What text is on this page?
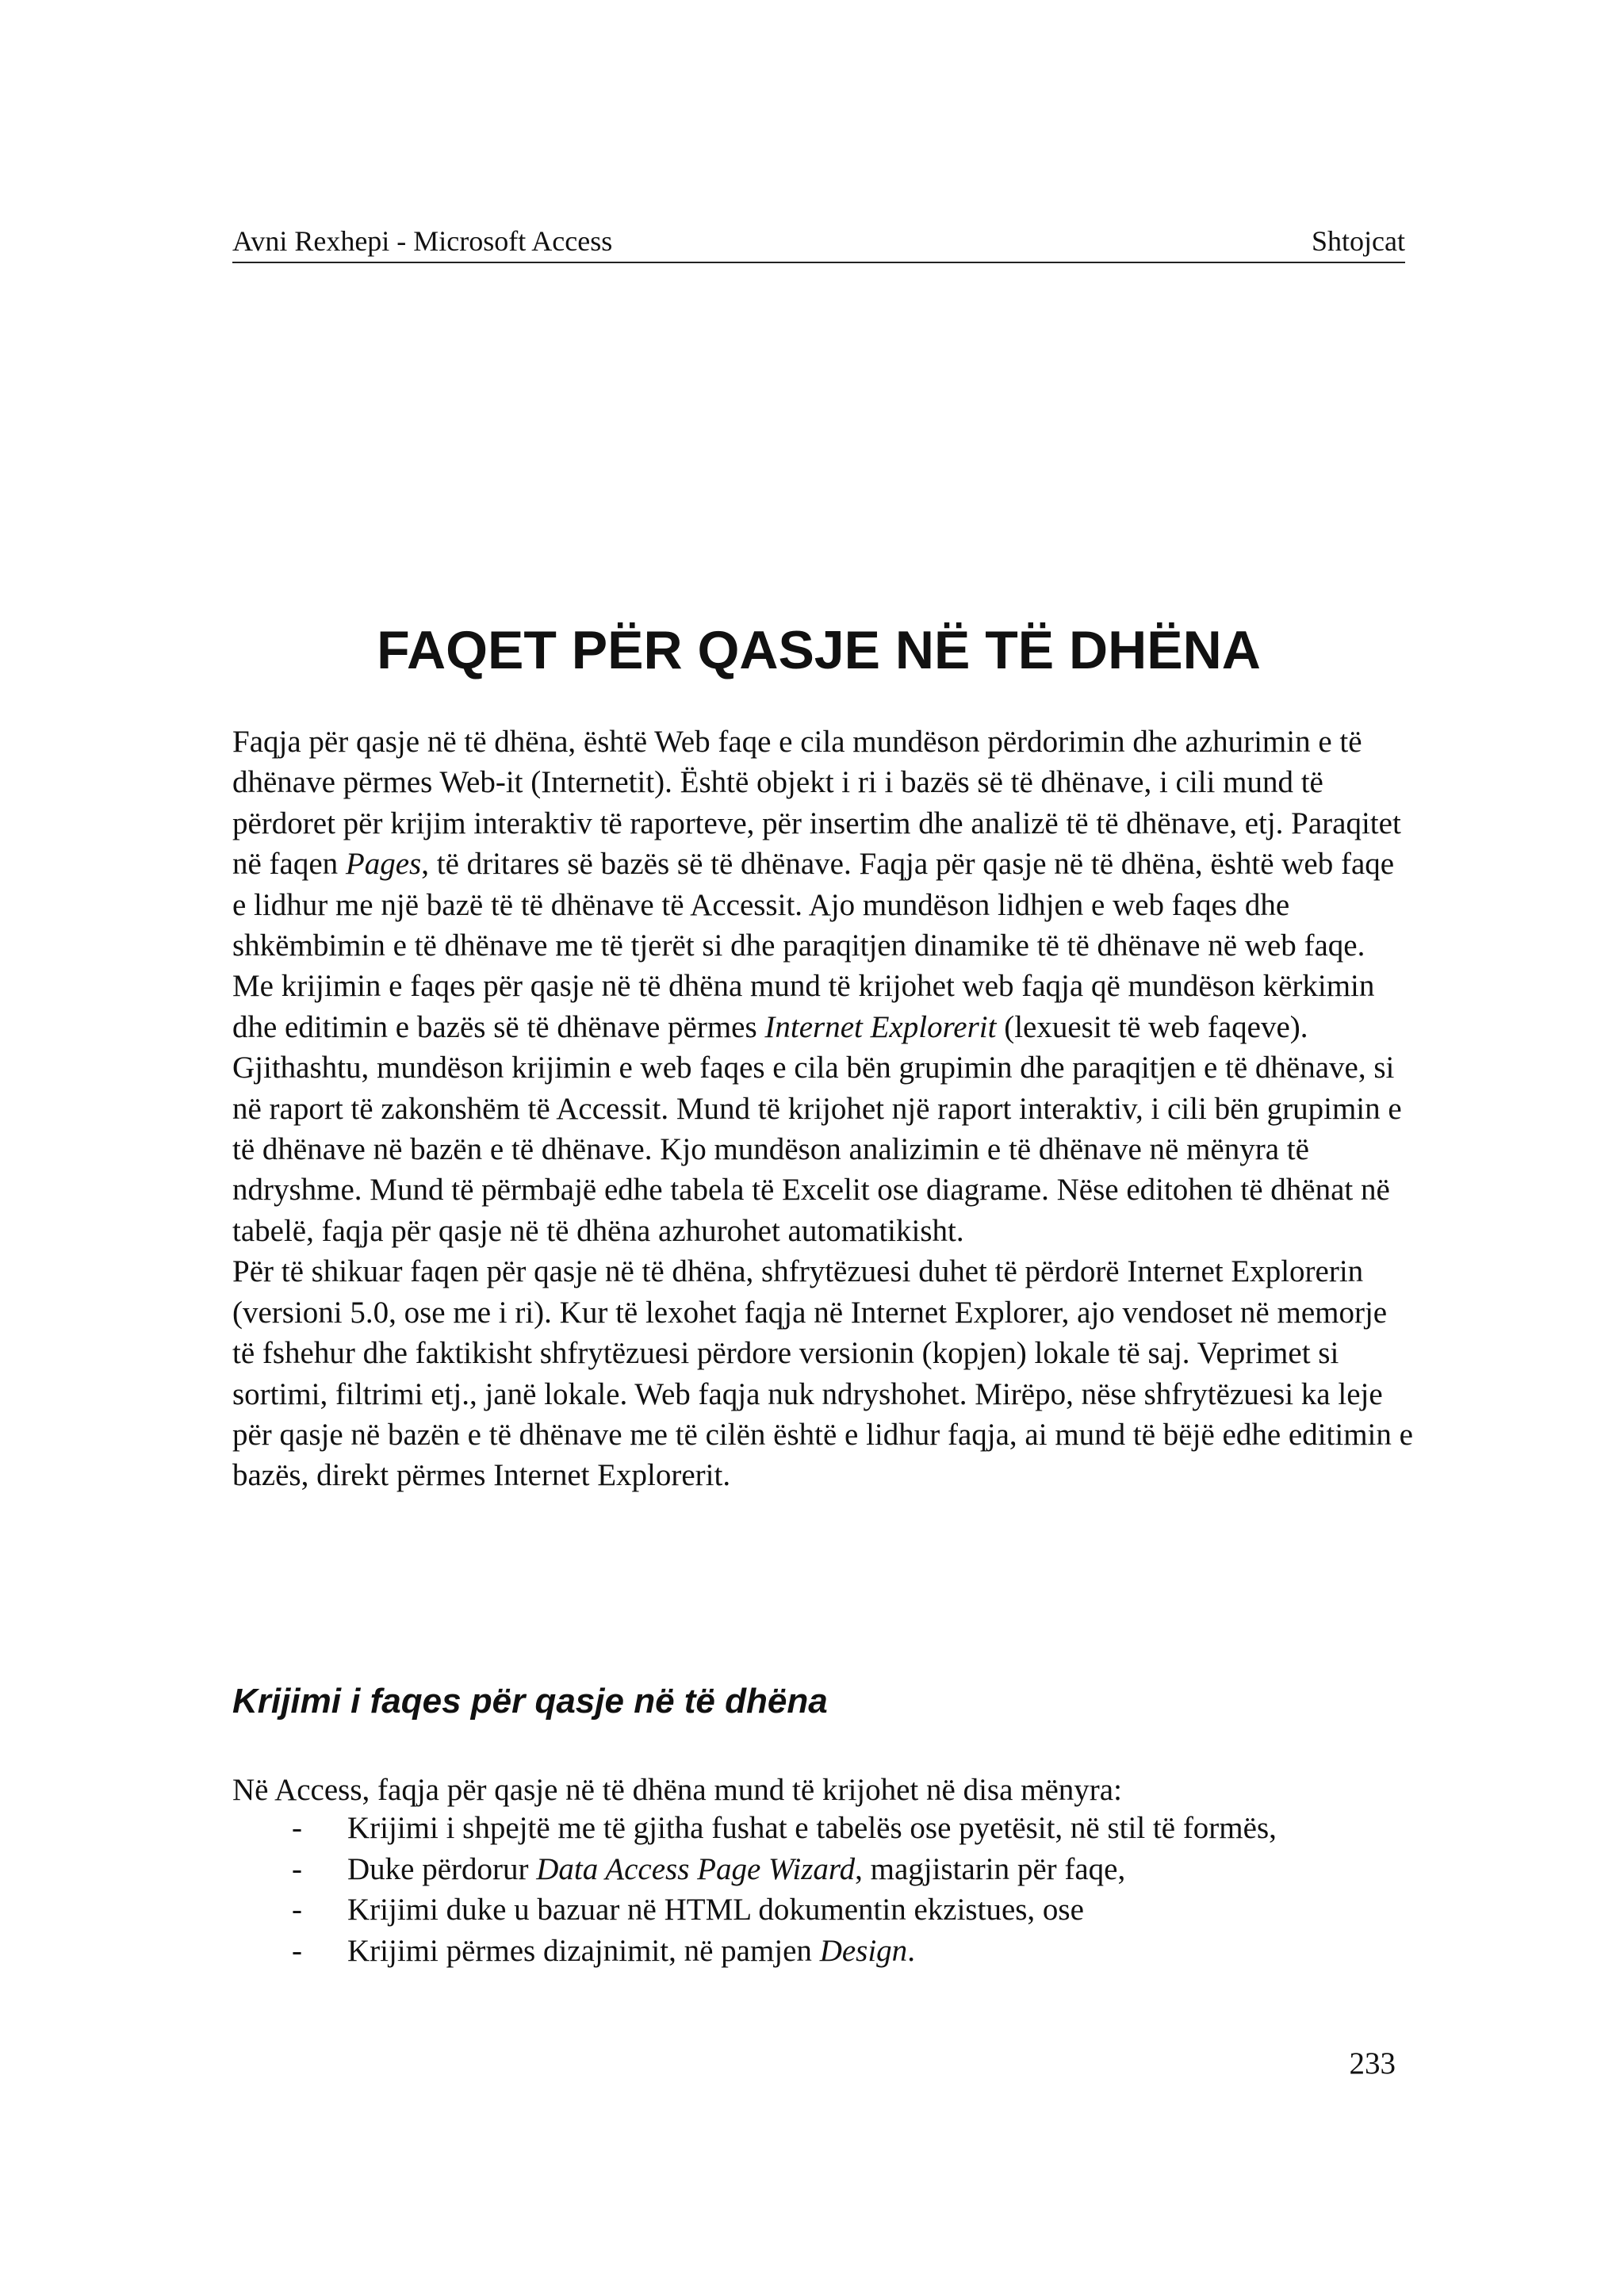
Avni Rexhepi - Microsoft Access	Shtojcat
FAQET PËR QASJE NË TË DHËNA

Faqja për qasje në të dhëna, është Web faqe e cila mundëson përdorimin dhe azhurimin e të dhënave përmes Web-it (Internetit). Është objekt i ri i bazës së të dhënave, i cili mund të përdoret për krijim interaktiv të raporteve, për insertim dhe analizë të të dhënave, etj. Paraqitet në faqen Pages, të dritares së bazës së të dhënave. Faqja për qasje në të dhëna, është web faqe e lidhur me një bazë të të dhënave të Accessit. Ajo mundëson lidhjen e web faqes dhe shkëmbimin e të dhënave me të tjerët si dhe paraqitjen dinamike të të dhënave në web faqe. Me krijimin e faqes për qasje në të dhëna mund të krijohet web faqja që mundëson kërkimin dhe editimin e bazës së të dhënave përmes Internet Explorerit (lexuesit të web faqeve).

Gjithashtu, mundëson krijimin e web faqes e cila bën grupimin dhe paraqitjen e të dhënave, si në raport të zakonshëm të Accessit. Mund të krijohet një raport interaktiv, i cili bën grupimin e të dhënave në bazën e të dhënave. Kjo mundëson analizimin e të dhënave në mënyra të ndryshme. Mund të përmbajë edhe tabela të Excelit ose diagrame. Nëse editohen të dhënat në tabelë, faqja për qasje në të dhëna azhurohet automatikisht.

Për të shikuar faqen për qasje në të dhëna, shfrytëzuesi duhet të përdorë Internet Explorerin (versioni 5.0, ose me i ri). Kur të lexohet faqja në Internet Explorer, ajo vendoset në memorje të fshehur dhe faktikisht shfrytëzuesi përdore versionin (kopjen) lokale të saj. Veprimet si sortimi, filtrimi etj., janë lokale. Web faqja nuk ndryshohet. Mirëpo, nëse shfrytëzuesi ka leje për qasje në bazën e të dhënave me të cilën është e lidhur faqja, ai mund të bëjë edhe editimin e bazës, direkt përmes Internet Explorerit.

Krijimi i faqes për qasje në të dhëna

Në Access, faqja për qasje në të dhëna mund të krijohet në disa mënyra:

- Krijimi i shpejtë me të gjitha fushat e tabelës ose pyetësit, në stil të formës,
- Duke përdorur Data Access Page Wizard, magjistarin për faqe,
- Krijimi duke u bazuar në HTML dokumentin ekzistues, ose
- Krijimi përmes dizajnimit, në pamjen Design.
233
